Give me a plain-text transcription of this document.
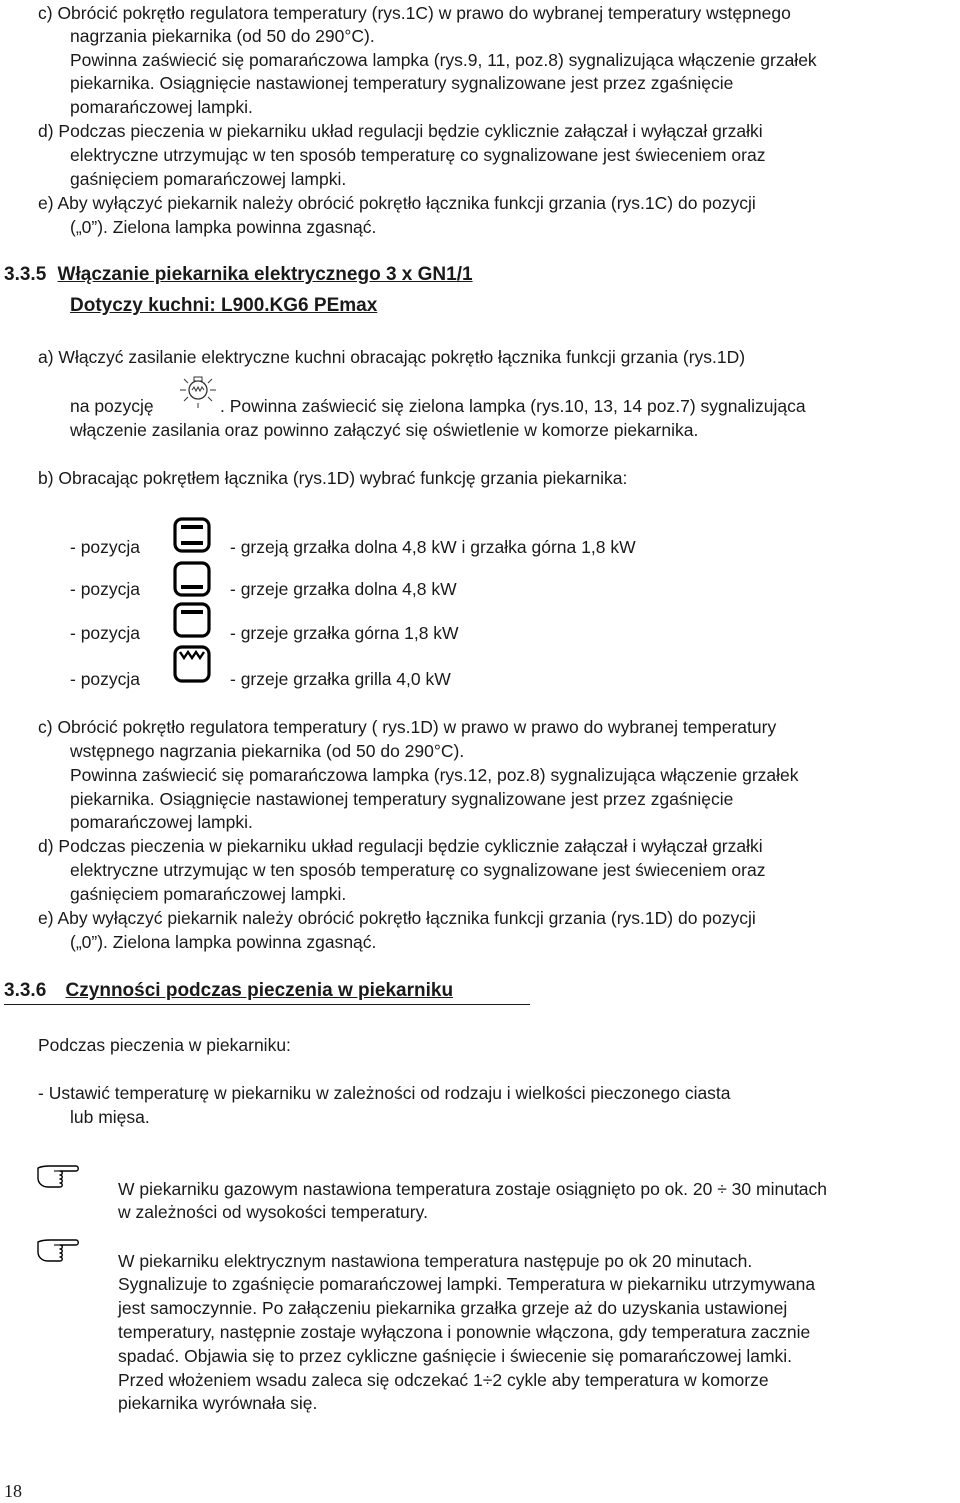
c) Obrócić pokrętło regulatora temperatury (rys.1C) w prawo do wybranej temperatury wstępnego
nagrzania piekarnika (od 50 do 290°C).
Powinna zaświecić się pomarańczowa lampka (rys.9, 11, poz.8) sygnalizująca włączenie grzałek
piekarnika. Osiągnięcie nastawionej temperatury sygnalizowane jest przez zgaśnięcie
pomarańczowej lampki.
d) Podczas pieczenia w piekarniku układ regulacji będzie cyklicznie załączał i wyłączał grzałki
elektryczne utrzymując w ten sposób temperaturę co sygnalizowane jest świeceniem oraz
gaśnięciem pomarańczowej lampki.
e) Aby wyłączyć piekarnik należy obrócić pokrętło łącznika funkcji grzania (rys.1C) do pozycji
(„0”). Zielona lampka powinna zgasnąć.
3.3.5 Włączanie piekarnika elektrycznego 3 x GN1/1
Dotyczy kuchni: L900.KG6 PEmax
a) Włączyć zasilanie elektryczne kuchni obracając pokrętło łącznika funkcji grzania (rys.1D)
na pozycję	. Powinna zaświecić się zielona lampka (rys.10, 13, 14 poz.7) sygnalizująca
włączenie zasilania oraz powinno załączyć się oświetlenie w komorze piekarnika.
b) Obracając pokrętłem łącznika (rys.1D) wybrać funkcję grzania piekarnika:
- pozycja	- grzeją grzałka dolna 4,8 kW i grzałka górna 1,8 kW
- pozycja	- grzeje grzałka dolna 4,8 kW
- pozycja	- grzeje grzałka górna 1,8 kW
- pozycja	- grzeje grzałka grilla 4,0 kW
c) Obrócić pokrętło regulatora temperatury ( rys.1D) w prawo w prawo do wybranej temperatury
wstępnego nagrzania piekarnika (od 50 do 290°C).
Powinna zaświecić się pomarańczowa lampka (rys.12, poz.8) sygnalizująca włączenie grzałek
piekarnika. Osiągnięcie nastawionej temperatury sygnalizowane jest przez zgaśnięcie
pomarańczowej lampki.
d) Podczas pieczenia w piekarniku układ regulacji będzie cyklicznie załączał i wyłączał grzałki
elektryczne utrzymując w ten sposób temperaturę co sygnalizowane jest świeceniem oraz
gaśnięciem pomarańczowej lampki.
e) Aby wyłączyć piekarnik należy obrócić pokrętło łącznika funkcji grzania (rys.1D) do pozycji
(„0”). Zielona lampka powinna zgasnąć.
3.3.6 Czynności podczas pieczenia w piekarniku
Podczas pieczenia w piekarniku:
- Ustawić temperaturę w piekarniku w zależności od rodzaju i wielkości pieczonego ciasta
lub mięsa.
W piekarniku gazowym nastawiona temperatura zostaje osiągnięto po ok. 20 ÷ 30 minutach
w zależności od wysokości temperatury.
W piekarniku elektrycznym nastawiona temperatura następuje po ok 20 minutach.
Sygnalizuje to zgaśnięcie pomarańczowej lampki. Temperatura w piekarniku utrzymywana
jest samoczynnie. Po załączeniu piekarnika grzałka grzeje aż do uzyskania ustawionej
temperatury, następnie zostaje wyłączona i ponownie włączona, gdy temperatura zacznie
spadać. Objawia się to przez cykliczne gaśnięcie i świecenie się pomarańczowej lamki.
Przed włożeniem wsadu zaleca się odczekać 1÷2 cykle aby temperatura w komorze
piekarnika wyrównała się.
18
